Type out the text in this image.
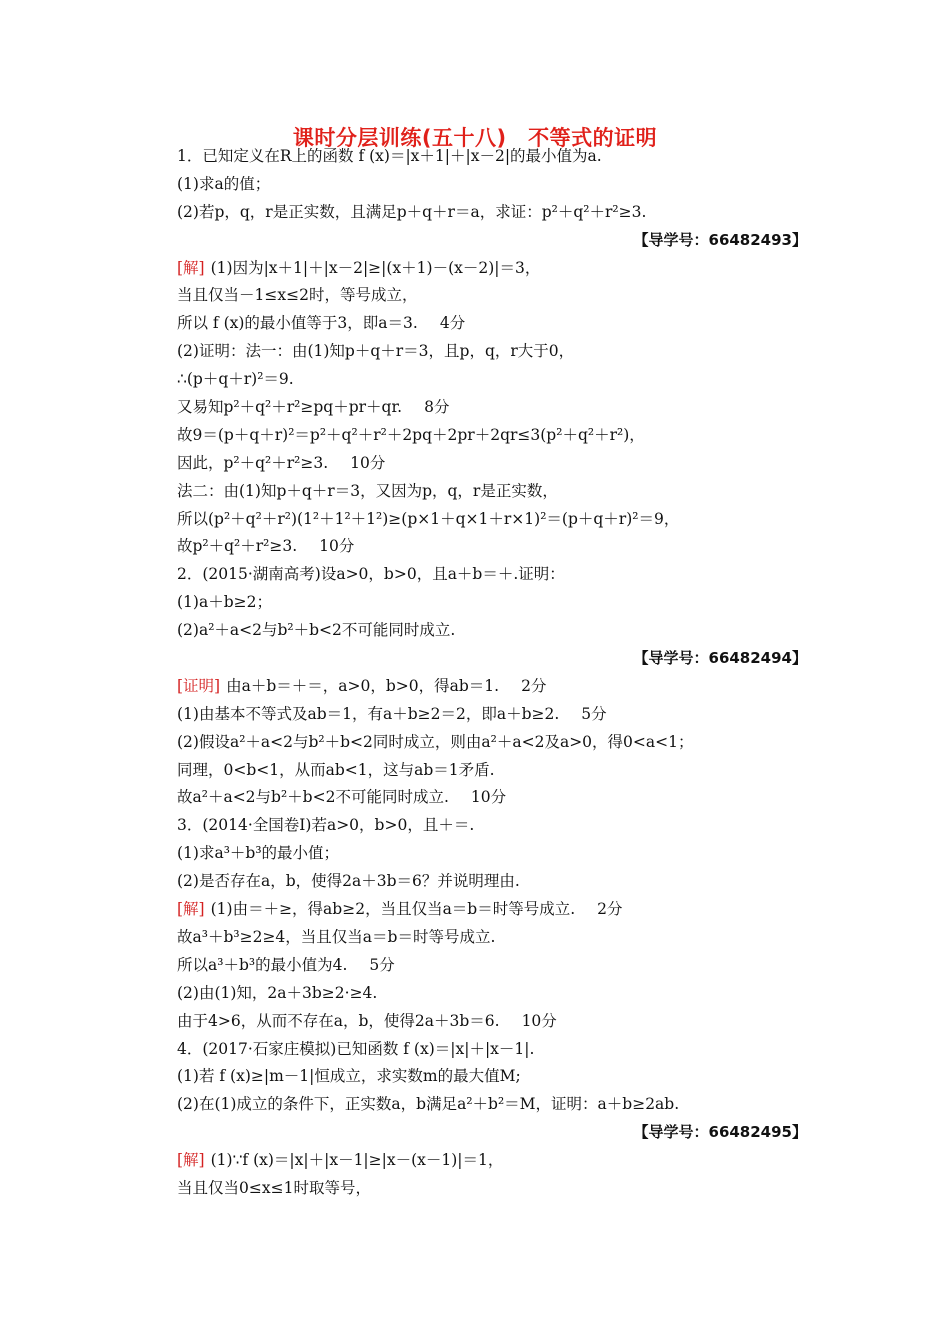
课时分层训练(五十八)　不等式的证明
1．已知定义在R上的函数 f (x)＝|x＋1|＋|x－2|的最小值为a.
(1)求a的值；
(2)若p，q，r是正实数，且满足p＋q＋r＝a，求证：p²＋q²＋r²≥3.
【导学号：66482493】
[解] (1)因为|x＋1|＋|x－2|≥|(x＋1)－(x－2)|＝3，
当且仅当－1≤x≤2时，等号成立，
所以 f (x)的最小值等于3，即a＝3. 4分
(2)证明：法一：由(1)知p＋q＋r＝3，且p，q，r大于0，
∴(p＋q＋r)²＝9.
又易知p²＋q²＋r²≥pq＋pr＋qr. 8分
故9＝(p＋q＋r)²＝p²＋q²＋r²＋2pq＋2pr＋2qr≤3(p²＋q²＋r²)，
因此，p²＋q²＋r²≥3. 10分
法二：由(1)知p＋q＋r＝3，又因为p，q，r是正实数，
所以(p²＋q²＋r²)(1²＋1²＋1²)≥(p×1＋q×1＋r×1)²＝(p＋q＋r)²＝9，
故p²＋q²＋r²≥3. 10分
2．(2015·湖南高考)设a>0，b>0，且a＋b＝＋.证明：
(1)a＋b≥2；
(2)a²＋a<2与b²＋b<2不可能同时成立.
【导学号：66482494】
[证明] 由a＋b＝＋＝，a>0，b>0，得ab＝1. 2分
(1)由基本不等式及ab＝1，有a＋b≥2＝2，即a＋b≥2. 5分
(2)假设a²＋a<2与b²＋b<2同时成立，则由a²＋a<2及a>0，得0<a<1；
同理，0<b<1，从而ab<1，这与ab＝1矛盾.
故a²＋a<2与b²＋b<2不可能同时成立. 10分
3．(2014·全国卷Ⅰ)若a>0，b>0，且＋＝.
(1)求a³＋b³的最小值；
(2)是否存在a，b，使得2a＋3b＝6？并说明理由.
[解] (1)由＝＋≥，得ab≥2，当且仅当a＝b＝时等号成立. 2分
故a³＋b³≥2≥4，当且仅当a＝b＝时等号成立.
所以a³＋b³的最小值为4. 5分
(2)由(1)知，2a＋3b≥2·≥4.
由于4>6，从而不存在a，b，使得2a＋3b＝6. 10分
4．(2017·石家庄模拟)已知函数 f (x)＝|x|＋|x－1|.
(1)若 f (x)≥|m－1|恒成立，求实数m的最大值M;
(2)在(1)成立的条件下，正实数a，b满足a²＋b²＝M，证明：a＋b≥2ab.
【导学号：66482495】
[解] (1)∵f (x)＝|x|＋|x－1|≥|x－(x－1)|＝1，
当且仅当0≤x≤1时取等号，
